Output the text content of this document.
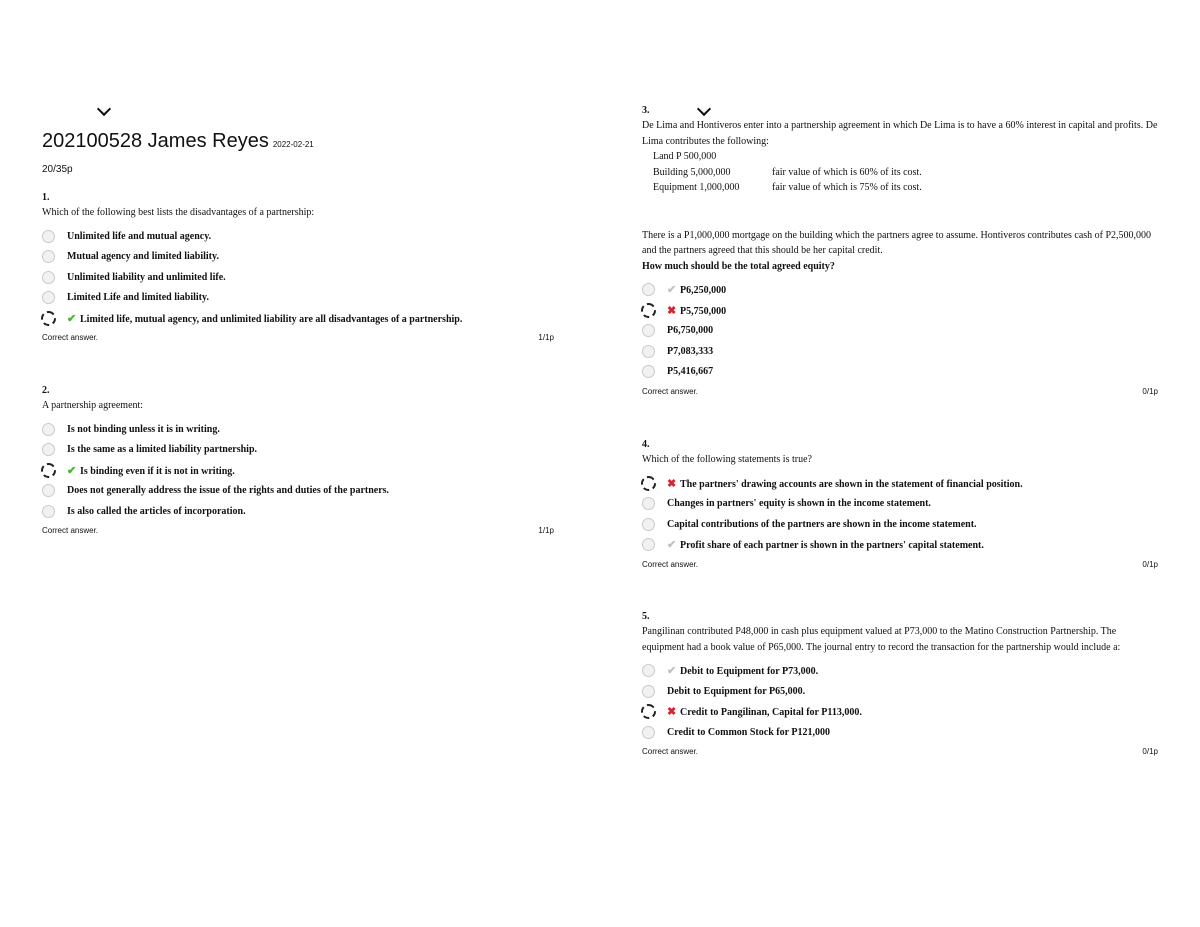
202100528 James Reyes 2022-02-21
20/35p
1.
Which of the following best lists the disadvantages of a partnership:
Unlimited life and mutual agency.
Mutual agency and limited liability.
Unlimited liability and unlimited life.
Limited Life and limited liability.
✔ Limited life, mutual agency, and unlimited liability are all disadvantages of a partnership.
Correct answer.	1/1p
2.
A partnership agreement:
Is not binding unless it is in writing.
Is the same as a limited liability partnership.
✔ Is binding even if it is not in writing.
Does not generally address the issue of the rights and duties of the partners.
Is also called the articles of incorporation.
Correct answer.	1/1p
3.
De Lima and Hontiveros enter into a partnership agreement in which De Lima is to have a 60% interest in capital and profits. De Lima contributes the following:
Land P 500,000
Building 5,000,000	fair value of which is 60% of its cost.
Equipment 1,000,000	fair value of which is 75% of its cost.
There is a P1,000,000 mortgage on the building which the partners agree to assume. Hontiveros contributes cash of P2,500,000 and the partners agreed that this should be her capital credit.
How much should be the total agreed equity?
✔ P6,250,000
✖ P5,750,000
P6,750,000
P7,083,333
P5,416,667
Correct answer.	0/1p
4.
Which of the following statements is true?
✖ The partners' drawing accounts are shown in the statement of financial position.
Changes in partners' equity is shown in the income statement.
Capital contributions of the partners are shown in the income statement.
✔ Profit share of each partner is shown in the partners' capital statement.
Correct answer.	0/1p
5.
Pangilinan contributed P48,000 in cash plus equipment valued at P73,000 to the Matino Construction Partnership. The equipment had a book value of P65,000. The journal entry to record the transaction for the partnership would include a:
✔ Debit to Equipment for P73,000.
Debit to Equipment for P65,000.
✖ Credit to Pangilinan, Capital for P113,000.
Credit to Common Stock for P121,000
Correct answer.	0/1p
